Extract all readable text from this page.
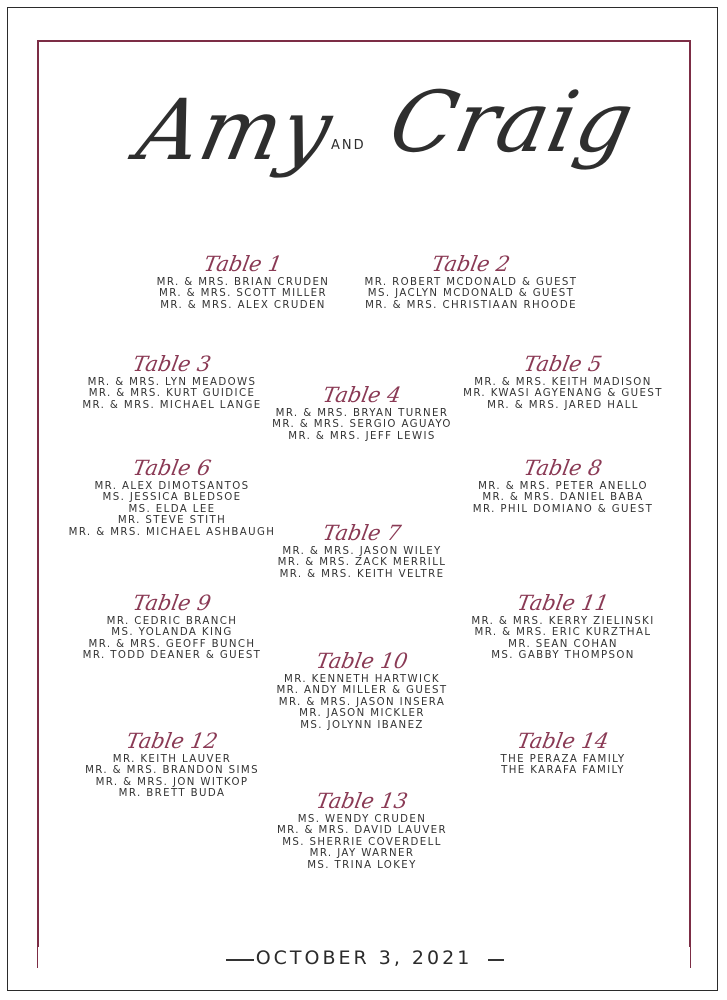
Amy
AND Craig
Table 1
MR. & MRS. BRIAN CRUDEN
MR. & MRS. SCOTT MILLER
MR. & MRS. ALEX CRUDEN
Table 2
MR. ROBERT MCDONALD & GUEST
MS. JACLYN MCDONALD & GUEST
MR. & MRS. CHRISTIAAN RHOODE
Table 3
MR. & MRS. LYN MEADOWS
MR. & MRS. KURT GUIDICE
MR. & MRS. MICHAEL LANGE	Table 4
MR. & MRS. BRYAN TURNER
MR. & MRS. SERGIO AGUAYO
MR. & MRS. JEFF LEWIS
Table 5
MR. & MRS. KEITH MADISON
MR. KWASI AGYENANG & GUEST
MR. & MRS. JARED HALL
Table 6
MR. ALEX DIMOTSANTOS
MS. JESSICA BLEDSOE
MS. ELDA LEE
MR. STEVE STITH
MR. & MRS. MICHAEL ASHBAUGH	Table 7
MR. & MRS. JASON WILEY
MR. & MRS. ZACK MERRILL
MR. & MRS. KEITH VELTRE
Table 8
MR. & MRS. PETER ANELLO
MR. & MRS. DANIEL BABA
MR. PHIL DOMIANO & GUEST
Table 9
MR. CEDRIC BRANCH
MS. YOLANDA KING
MR. & MRS. GEOFF BUNCH
MR. TODD DEANER & GUEST	Table 10
MR. KENNETH HARTWICK
MR. ANDY MILLER & GUEST
MR. & MRS. JASON INSERA
MR. JASON MICKLER
MS. JOLYNN IBANEZ
Table 11
MR. & MRS. KERRY ZIELINSKI
MR. & MRS. ERIC KURZTHAL
MR. SEAN COHAN
MS. GABBY THOMPSON
Table 12
MR. KEITH LAUVER
MR. & MRS. BRANDON SIMS
MR. & MRS. JON WITKOP
MR. BRETT BUDA	Table 13
MS. WENDY CRUDEN
MR. & MRS. DAVID LAUVER
MS. SHERRIE COVERDELL
MR. JAY WARNER
MS. TRINA LOKEY
Table 14
THE PERAZA FAMILY
THE KARAFA FAMILY
OCTOBER 3, 2021
